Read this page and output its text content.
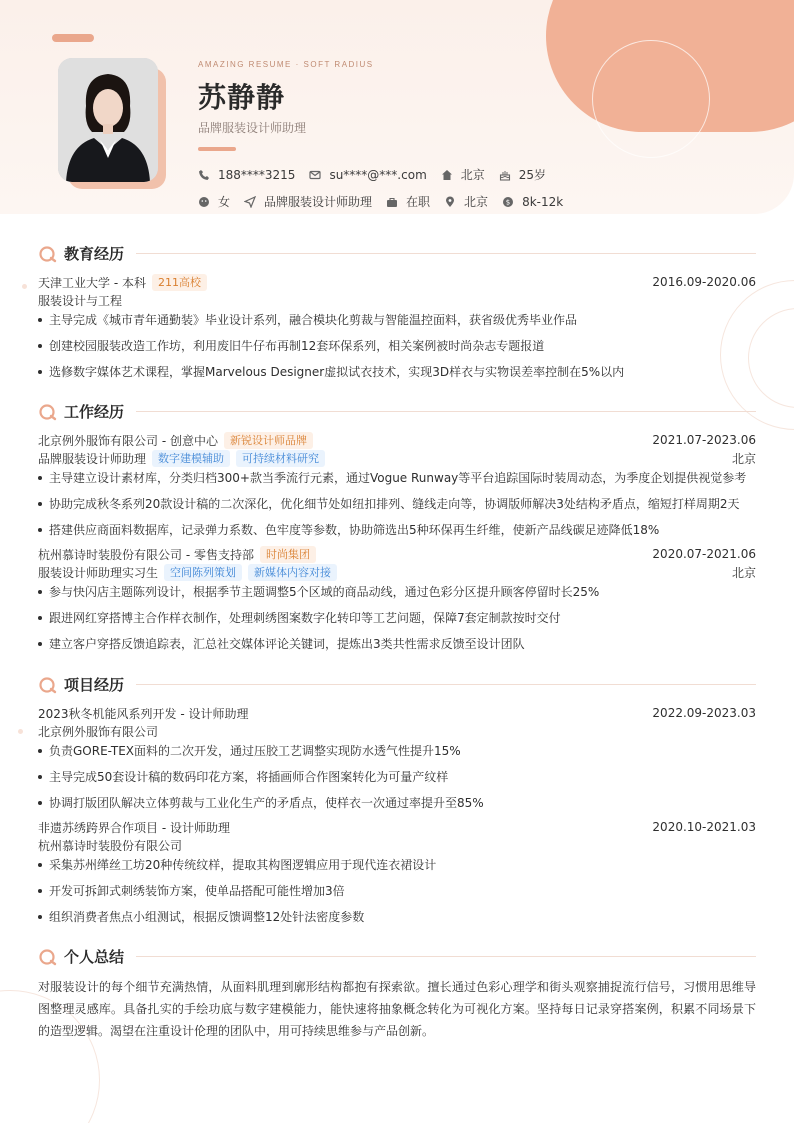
AMAZING RESUME · SOFT RADIUS
苏静静
品牌服装设计师助理
188****3215	su****@***.com	北京	25岁
女	品牌服装设计师助理	在职	北京	$ 8k-12k
教育经历
天津工业大学 - 本科	211高校	2016.09-2020.06
服装设计与工程
主导完成《城市青年通勤装》毕业设计系列，融合模块化剪裁与智能温控面料，获省级优秀毕业作品
创建校园服装改造工作坊，利用废旧牛仔布再制12套环保系列，相关案例被时尚杂志专题报道
选修数字媒体艺术课程，掌握Marvelous Designer虚拟试衣技术，实现3D样衣与实物误差率控制在5%以内
工作经历
北京例外服饰有限公司 - 创意中心	新锐设计师品牌	2021.07-2023.06
品牌服装设计师助理	数字建模辅助	可持续材料研究	北京
主导建立设计素材库，分类归档300+款当季流行元素，通过Vogue Runway等平台追踪国际时装周动态，为季度企划提供视觉参考
协助完成秋冬系列20款设计稿的二次深化，优化细节处如纽扣排列、缝线走向等，协调版师解决3处结构矛盾点，缩短打样周期2天
搭建供应商面料数据库，记录弹力系数、色牢度等参数，协助筛选出5种环保再生纤维，使新产品线碳足迹降低18%
杭州慕诗时装股份有限公司 - 零售支持部	时尚集团	2020.07-2021.06
服装设计师助理实习生	空间陈列策划	新媒体内容对接	北京
参与快闪店主题陈列设计，根据季节主题调整5个区域的商品动线，通过色彩分区提升顾客停留时长25%
跟进网红穿搭博主合作样衣制作，处理刺绣图案数字化转印等工艺问题，保障7套定制款按时交付
建立客户穿搭反馈追踪表，汇总社交媒体评论关键词，提炼出3类共性需求反馈至设计团队
项目经历
2023秋冬机能风系列开发 - 设计师助理	2022.09-2023.03
北京例外服饰有限公司
负责GORE-TEX面料的二次开发，通过压胶工艺调整实现防水透气性提升15%
主导完成50套设计稿的数码印花方案，将插画师合作图案转化为可量产纹样
协调打版团队解决立体剪裁与工业化生产的矛盾点，使样衣一次通过率提升至85%
非遗苏绣跨界合作项目 - 设计师助理	2020.10-2021.03
杭州慕诗时装股份有限公司
采集苏州缂丝工坊20种传统纹样，提取其构图逻辑应用于现代连衣裙设计
开发可拆卸式刺绣装饰方案，使单品搭配可能性增加3倍
组织消费者焦点小组测试，根据反馈调整12处针法密度参数
个人总结
对服装设计的每个细节充满热情，从面料肌理到廓形结构都抱有探索欲。擅长通过色彩心理学和街头观察捕捉流行信号，习惯用思维导图整理灵感库。具备扎实的手绘功底与数字建模能力，能快速将抽象概念转化为可视化方案。坚持每日记录穿搭案例，积累不同场景下的造型逻辑。渴望在注重设计伦理的团队中，用可持续思维参与产品创新。
